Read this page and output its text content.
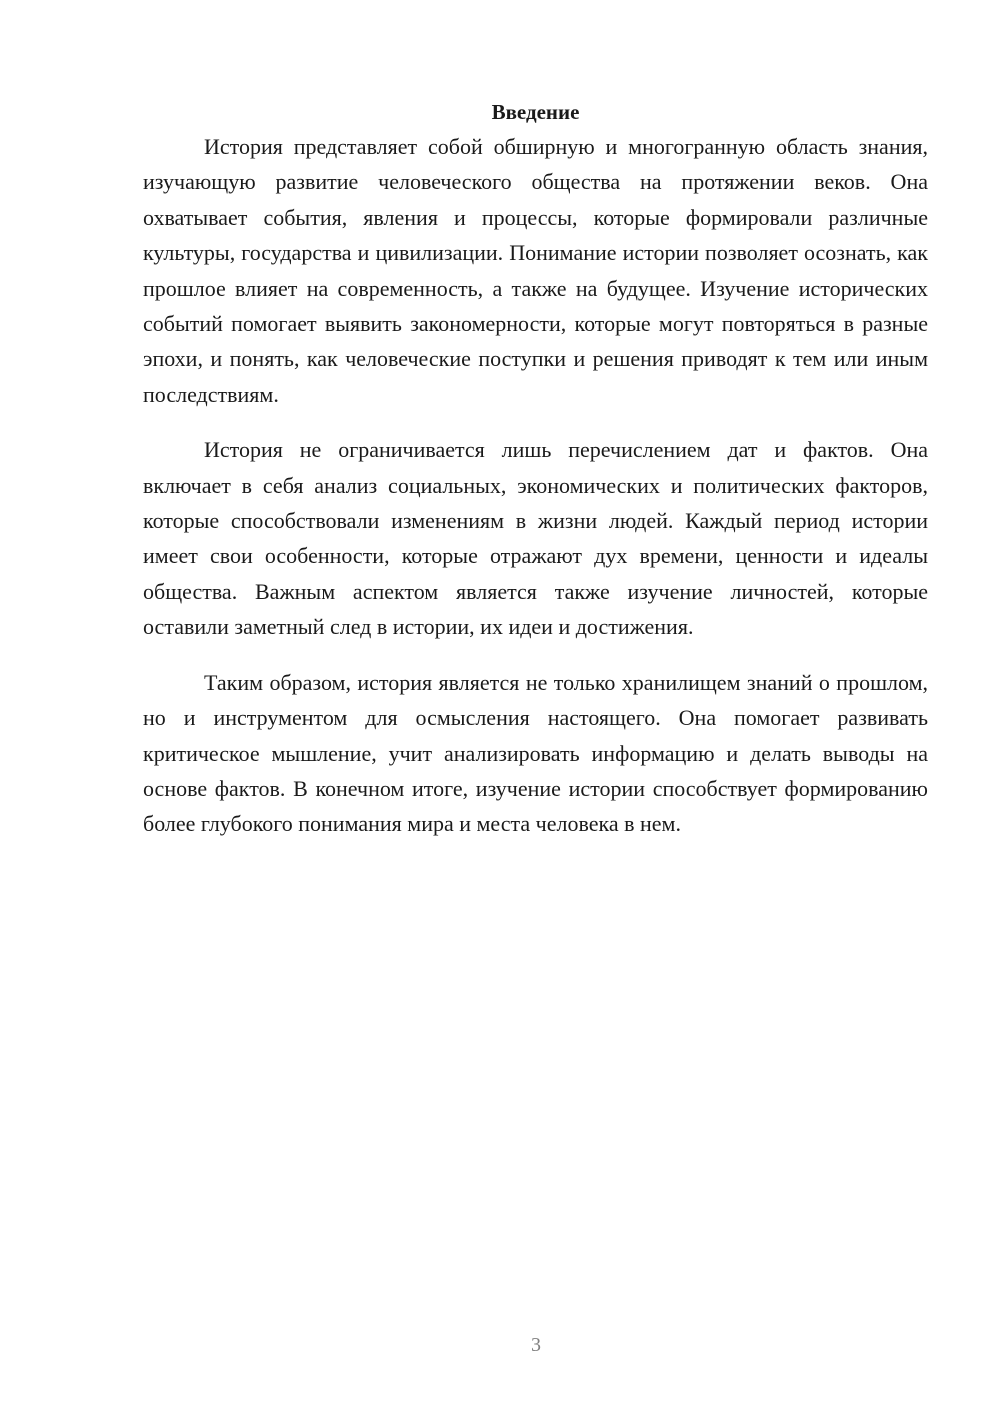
Введение

История представляет собой обширную и многогранную область знания, изучающую развитие человеческого общества на протяжении веков. Она охватывает события, явления и процессы, которые формировали различные культуры, государства и цивилизации. Понимание истории позволяет осознать, как прошлое влияет на современность, а также на будущее. Изучение исторических событий помогает выявить закономерности, которые могут повторяться в разные эпохи, и понять, как человеческие поступки и решения приводят к тем или иным последствиям.

История не ограничивается лишь перечислением дат и фактов. Она включает в себя анализ социальных, экономических и политических факторов, которые способствовали изменениям в жизни людей. Каждый период истории имеет свои особенности, которые отражают дух времени, ценности и идеалы общества. Важным аспектом является также изучение личностей, которые оставили заметный след в истории, их идеи и достижения.

Таким образом, история является не только хранилищем знаний о прошлом, но и инструментом для осмысления настоящего. Она помогает развивать критическое мышление, учит анализировать информацию и делать выводы на основе фактов. В конечном итоге, изучение истории способствует формированию более глубокого понимания мира и места человека в нем.

3
